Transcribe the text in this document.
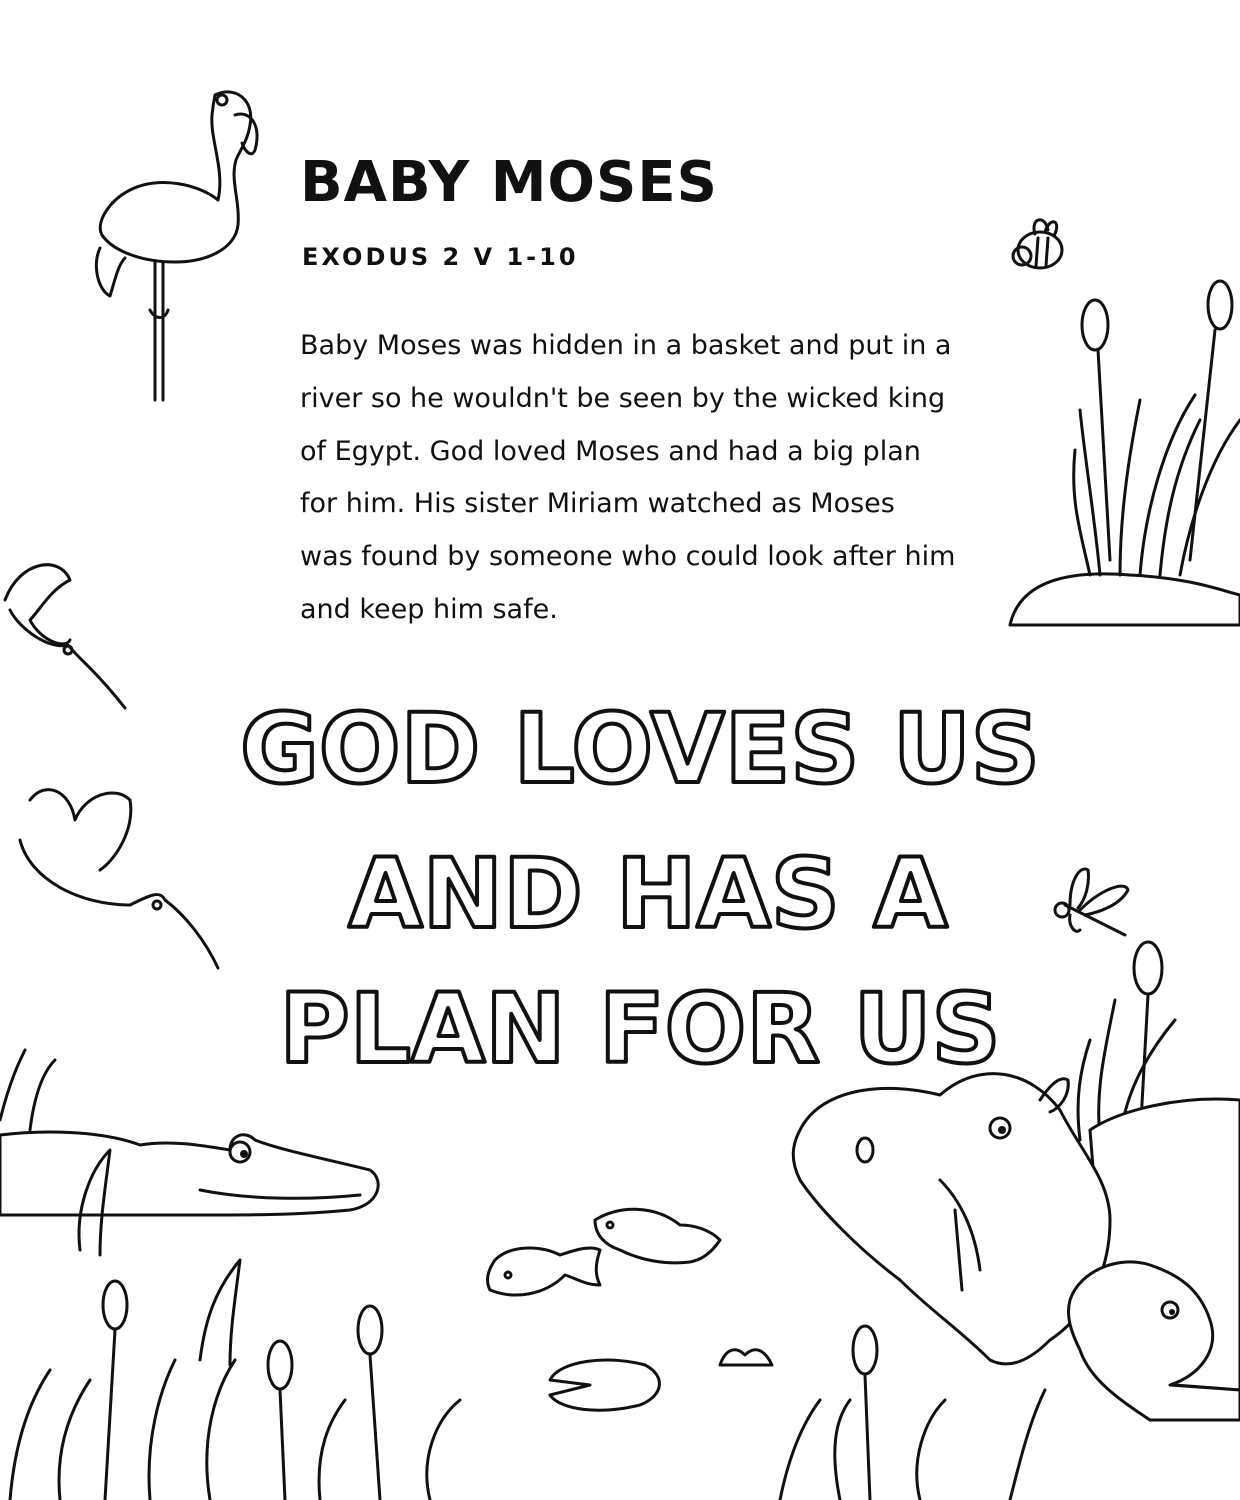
BABY MOSES
EXODUS 2 V 1-10
Baby Moses was hidden in a basket and put in a
river so he wouldn't be seen by the wicked king
of Egypt. God loved Moses and had a big plan
for him. His sister Miriam watched as Moses
was found by someone who could look after him
and keep him safe.
GOD LOVES US
AND HAS A
PLAN FOR US
